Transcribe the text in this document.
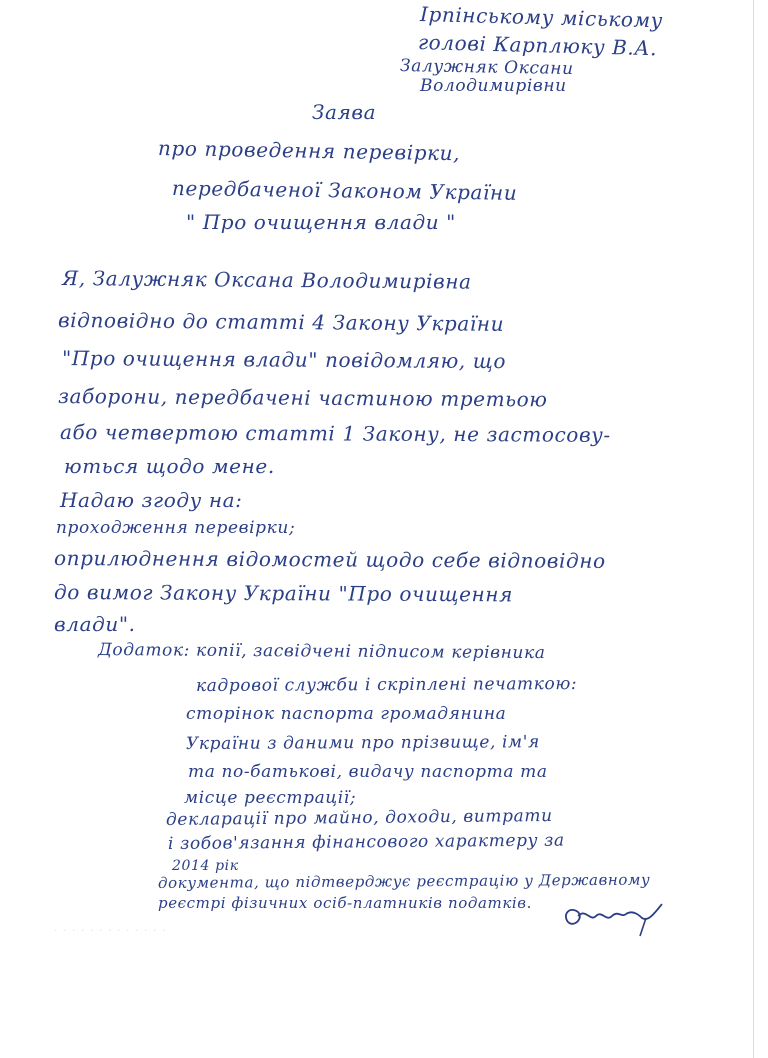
Ірпінському міському
голові Карплюку В.А.
Залужняк Оксани
Володимирівни
Заява
про проведення перевірки,
передбаченої Законом України
" Про очищення влади "
Я, Залужняк Оксана Володимирівна
відповідно до статті 4 Закону України
"Про очищення влади" повідомляю, що
заборони, передбачені частиною третьою
або четвертою статті 1 Закону, не застосову-
ються щодо мене.
Надаю згоду на:
проходження перевірки;
оприлюднення відомостей щодо себе відповідно
до вимог Закону України "Про очищення
влади".
Додаток: копії, засвідчені підписом керівника
кадрової служби і скріплені печаткою:
сторінок паспорта громадянина
України з даними про прізвище, ім'я
та по-батькові, видачу паспорта та
місце реєстрації;
декларації про майно, доходи, витрати
і зобов'язання фінансового характеру за
2014 рік
документа, що підтверджує реєстрацію у Державному
реєстрі фізичних осіб-платників податків.
· · · · · · · · · · · · ·
